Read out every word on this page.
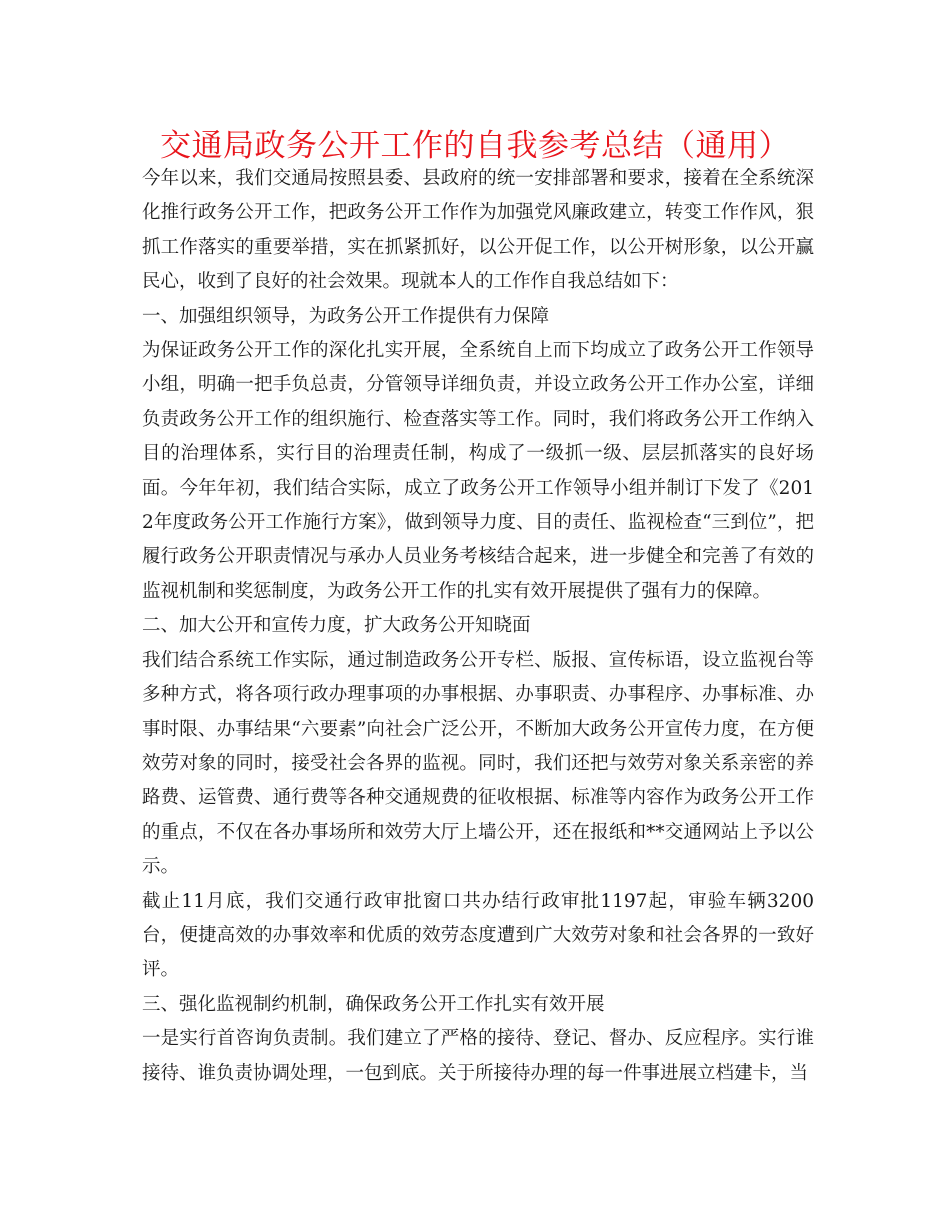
交通局政务公开工作的自我参考总结（通用）

今年以来，我们交通局按照县委、县政府的统一安排部署和要求，接着在全系统深化推行政务公开工作，把政务公开工作作为加强党风廉政建立，转变工作作风，狠抓工作落实的重要举措，实在抓紧抓好，以公开促工作，以公开树形象，以公开赢民心，收到了良好的社会效果。现就本人的工作作自我总结如下：

一、加强组织领导，为政务公开工作提供有力保障

为保证政务公开工作的深化扎实开展，全系统自上而下均成立了政务公开工作领导小组，明确一把手负总责，分管领导详细负责，并设立政务公开工作办公室，详细负责政务公开工作的组织施行、检查落实等工作。同时，我们将政务公开工作纳入目的治理体系，实行目的治理责任制，构成了一级抓一级、层层抓落实的良好场面。今年年初，我们结合实际，成立了政务公开工作领导小组并制订下发了《2012年度政务公开工作施行方案》，做到领导力度、目的责任、监视检查“三到位”，把履行政务公开职责情况与承办人员业务考核结合起来，进一步健全和完善了有效的监视机制和奖惩制度，为政务公开工作的扎实有效开展提供了强有力的保障。

二、加大公开和宣传力度，扩大政务公开知晓面

我们结合系统工作实际，通过制造政务公开专栏、版报、宣传标语，设立监视台等多种方式，将各项行政办理事项的办事根据、办事职责、办事程序、办事标准、办事时限、办事结果“六要素”向社会广泛公开，不断加大政务公开宣传力度，在方便效劳对象的同时，接受社会各界的监视。同时，我们还把与效劳对象关系亲密的养路费、运管费、通行费等各种交通规费的征收根据、标准等内容作为政务公开工作的重点，不仅在各办事场所和效劳大厅上墙公开，还在报纸和**交通网站上予以公示。

截止11月底，我们交通行政审批窗口共办结行政审批1197起，审验车辆3200台，便捷高效的办事效率和优质的效劳态度遭到广大效劳对象和社会各界的一致好评。

三、强化监视制约机制，确保政务公开工作扎实有效开展

一是实行首咨询负责制。我们建立了严格的接待、登记、督办、反应程序。实行谁接待、谁负责协调处理，一包到底。关于所接待办理的每一件事进展立档建卡，当
